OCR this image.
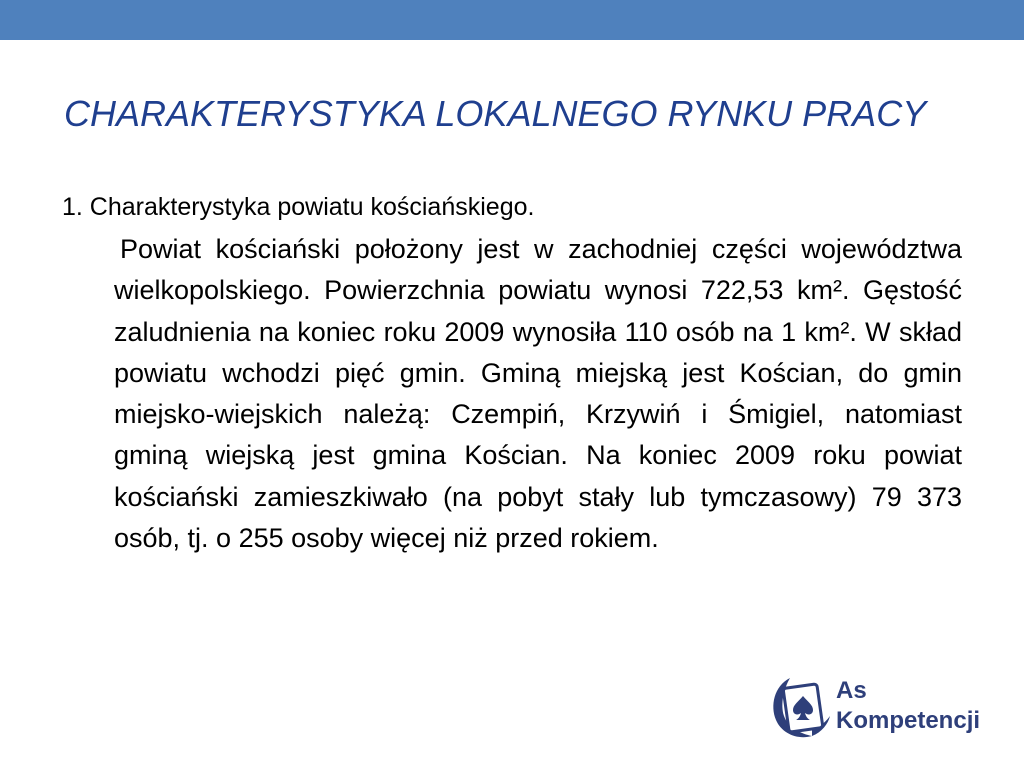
CHARAKTERYSTYKA LOKALNEGO RYNKU PRACY

1. Charakterystyka powiatu kościańskiego.

Powiat kościański położony jest w zachodniej części województwa wielkopolskiego. Powierzchnia powiatu wynosi 722,53 km². Gęstość zaludnienia na koniec roku 2009 wynosiła 110 osób na 1 km². W skład powiatu wchodzi pięć gmin. Gminą miejską jest Kościan, do gmin miejsko-wiejskich należą: Czempiń, Krzywiń i Śmigiel, natomiast gminą wiejską jest gmina Kościan. Na koniec 2009 roku powiat kościański zamieszkiwało (na pobyt stały lub tymczasowy) 79 373 osób, tj. o 255 osoby więcej niż przed rokiem.

As
Kompetencji
